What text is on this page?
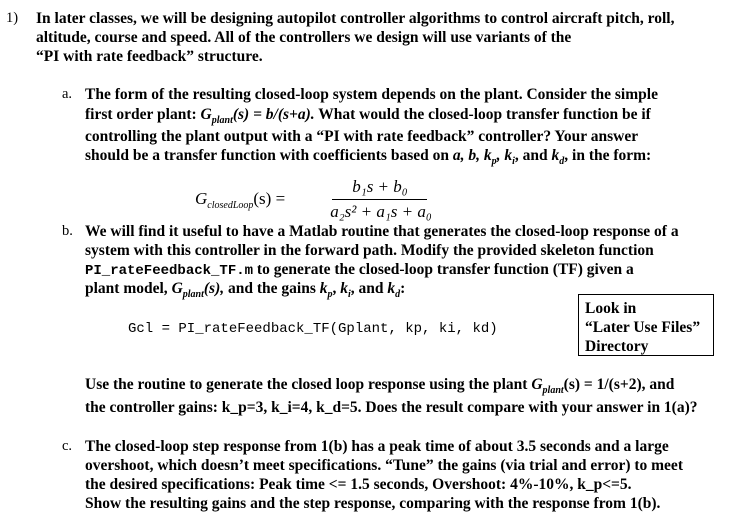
1) In later classes, we will be designing autopilot controller algorithms to control aircraft pitch, roll,
altitude, course and speed. All of the controllers we design will use variants of the
“PI with rate feedback” structure.
a. The form of the resulting closed-loop system depends on the plant. Consider the simple
first order plant: $G_{plant}(s) = b/(s+a)$. What would the closed-loop transfer function be if
controlling the plant output with a “PI with rate feedback” controller? Your answer
should be a transfer function with coefficients based on a, b, $k_p$, $k_i$, and $k_d$, in the form:
$G_{closedLoop}(s)$ =
b₁s + b₀
a₂s² + a₁s + a₀
b. We will find it useful to have a Matlab routine that generates the closed-loop response of a
system with this controller in the forward path. Modify the provided skeleton function
PI_rateFeedback_TF.m to generate the closed-loop transfer function (TF) given a
plant model, $G_{plant}(s)$, and the gains $k_p$, $k_i$, and $k_d$:
Gcl = PI_rateFeedback_TF(Gplant, kp, ki, kd)
Look in
“Later Use Files”
Directory
Use the routine to generate the closed loop response using the plant $G_{plant}(s) = 1/(s+2)$, and
the controller gains: k_p=3, k_i=4, k_d=5. Does the result compare with your answer in 1(a)?
c. The closed-loop step response from 1(b) has a peak time of about 3.5 seconds and a large
overshoot, which doesn’t meet specifications. “Tune” the gains (via trial and error) to meet
the desired specifications: Peak time <= 1.5 seconds, Overshoot: 4%-10%, k_p<=5.
Show the resulting gains and the step response, comparing with the response from 1(b).
